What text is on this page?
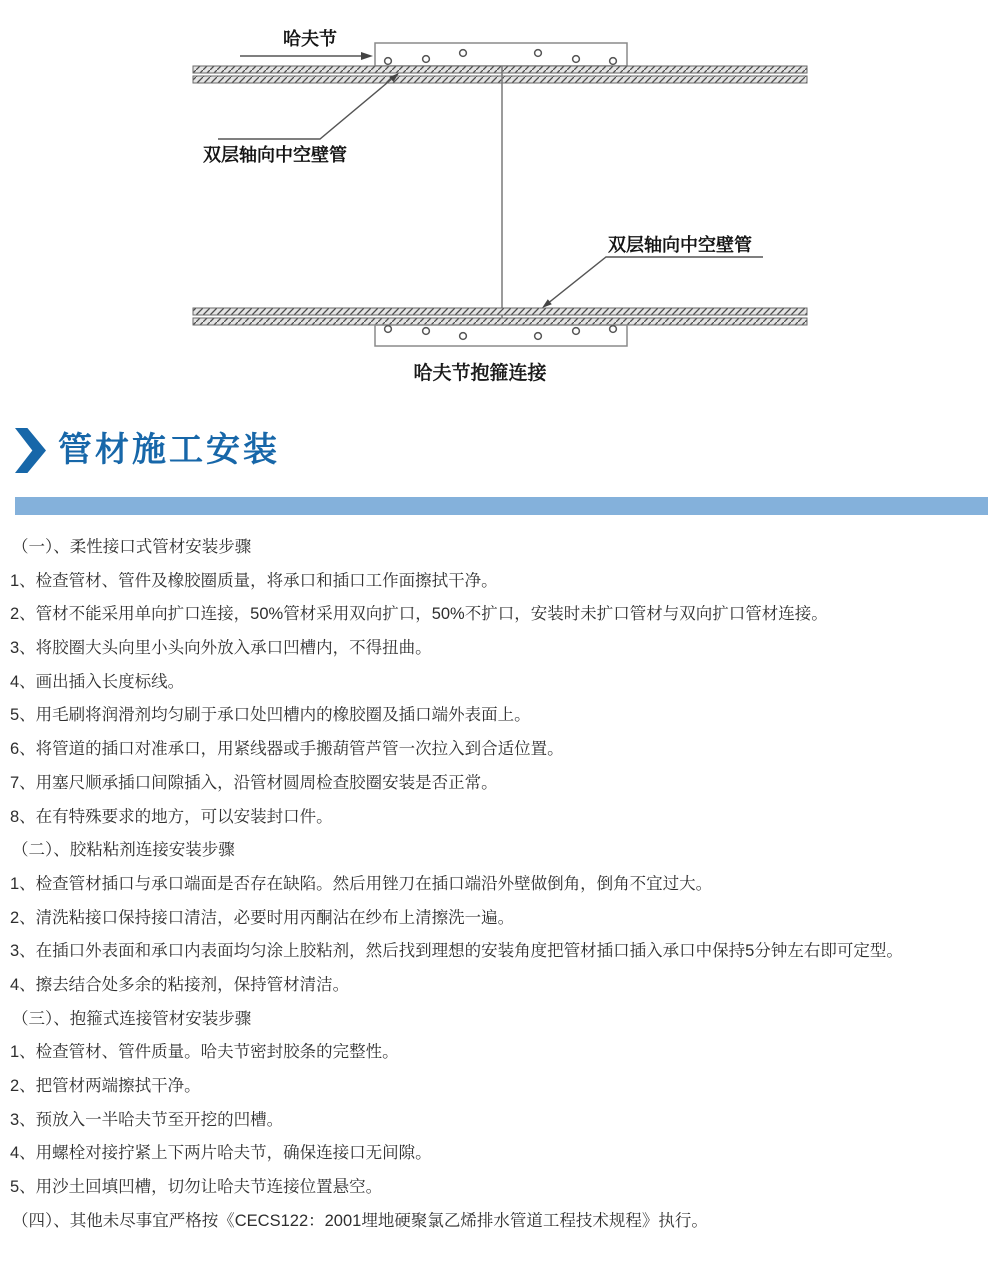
哈夫节
双层轴向中空壁管
双层轴向中空壁管
哈夫节抱箍连接
管材施工安装
（一）、柔性接口式管材安装步骤
1、检查管材、管件及橡胶圈质量，将承口和插口工作面擦拭干净。
2、管材不能采用单向扩口连接，50%管材采用双向扩口，50%不扩口，安装时未扩口管材与双向扩口管材连接。
3、将胶圈大头向里小头向外放入承口凹槽内，不得扭曲。
4、画出插入长度标线。
5、用毛刷将润滑剂均匀刷于承口处凹槽内的橡胶圈及插口端外表面上。
6、将管道的插口对准承口，用紧线器或手搬葫管芦管一次拉入到合适位置。
7、用塞尺顺承插口间隙插入，沿管材圆周检查胶圈安装是否正常。
8、在有特殊要求的地方，可以安装封口件。
（二）、胶粘粘剂连接安装步骤
1、检查管材插口与承口端面是否存在缺陷。然后用锉刀在插口端沿外壁做倒角，倒角不宜过大。
2、清洗粘接口保持接口清洁，必要时用丙酮沾在纱布上清擦洗一遍。
3、在插口外表面和承口内表面均匀涂上胶粘剂，然后找到理想的安装角度把管材插口插入承口中保持5分钟左右即可定型。
4、擦去结合处多余的粘接剂，保持管材清洁。
（三）、抱箍式连接管材安装步骤
1、检查管材、管件质量。哈夫节密封胶条的完整性。
2、把管材两端擦拭干净。
3、预放入一半哈夫节至开挖的凹槽。
4、用螺栓对接拧紧上下两片哈夫节，确保连接口无间隙。
5、用沙土回填凹槽，切勿让哈夫节连接位置悬空。
（四）、其他未尽事宜严格按《CECS122：2001埋地硬聚氯乙烯排水管道工程技术规程》执行。
